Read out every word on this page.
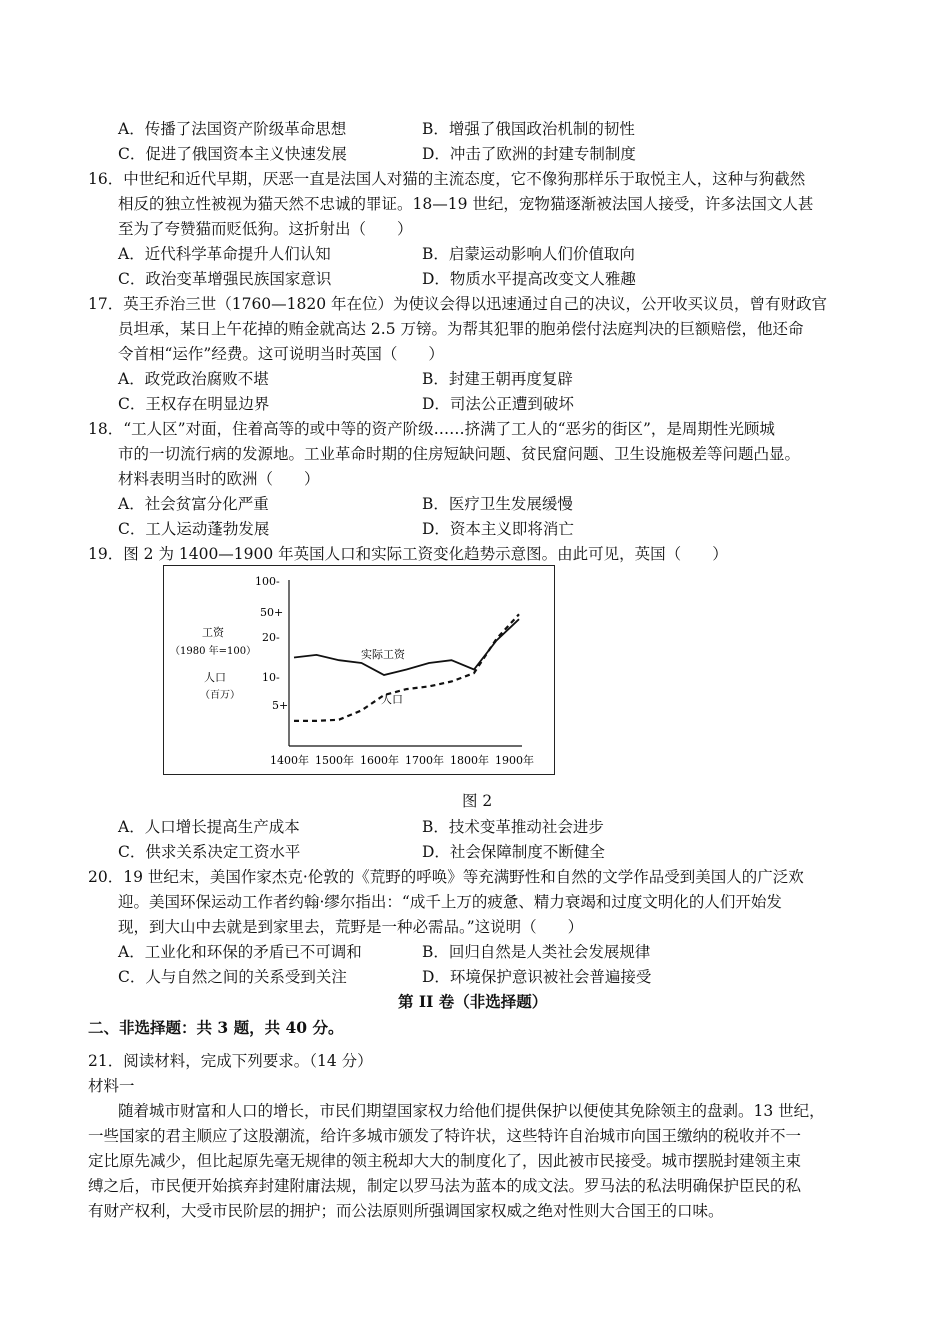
A．传播了法国资产阶级革命思想	B．增强了俄国政治机制的韧性
C．促进了俄国资本主义快速发展	D．冲击了欧洲的封建专制制度
16．中世纪和近代早期，厌恶一直是法国人对猫的主流态度，它不像狗那样乐于取悦主人，这种与狗截然
相反的独立性被视为猫天然不忠诚的罪证。18—19 世纪，宠物猫逐渐被法国人接受，许多法国文人甚
至为了夸赞猫而贬低狗。这折射出（　　）
A．近代科学革命提升人们认知	B．启蒙运动影响人们价值取向
C．政治变革增强民族国家意识	D．物质水平提高改变文人雅趣
17．英王乔治三世（1760—1820 年在位）为使议会得以迅速通过自己的决议，公开收买议员，曾有财政官
员坦承，某日上午花掉的贿金就高达 2.5 万镑。为帮其犯罪的胞弟偿付法庭判决的巨额赔偿，他还命
令首相“运作”经费。这可说明当时英国（　　）
A．政党政治腐败不堪	B．封建王朝再度复辟
C．王权存在明显边界	D．司法公正遭到破坏
18．“工人区”对面，住着高等的或中等的资产阶级……挤满了工人的“恶劣的街区”，是周期性光顾城
市的一切流行病的发源地。工业革命时期的住房短缺问题、贫民窟问题、卫生设施极差等问题凸显。
材料表明当时的欧洲（　　）
A．社会贫富分化严重	B．医疗卫生发展缓慢
C．工人运动蓬勃发展	D．资本主义即将消亡
19．图 2 为 1400—1900 年英国人口和实际工资变化趋势示意图。由此可见，英国（　　）
100-
50+
20-
10-
5+
工资
（1980 年=100）
人口
（百万）
1400年 1500年 1600年 1700年 1800年 1900年
实际工资
人口
图 2
A．人口增长提高生产成本	B．技术变革推动社会进步
C．供求关系决定工资水平	D．社会保障制度不断健全
20．19 世纪末，美国作家杰克·伦敦的《荒野的呼唤》等充满野性和自然的文学作品受到美国人的广泛欢
迎。美国环保运动工作者约翰·缪尔指出：“成千上万的疲惫、精力衰竭和过度文明化的人们开始发
现，到大山中去就是到家里去，荒野是一种必需品。”这说明（　　）
A．工业化和环保的矛盾已不可调和	B．回归自然是人类社会发展规律
C．人与自然之间的关系受到关注	D．环境保护意识被社会普遍接受
第 II 卷（非选择题）
二、非选择题：共 3 题，共 40 分。
21．阅读材料，完成下列要求。（14 分）
材料一
随着城市财富和人口的增长，市民们期望国家权力给他们提供保护以便使其免除领主的盘剥。13 世纪，
一些国家的君主顺应了这股潮流，给许多城市颁发了特许状，这些特许自治城市向国王缴纳的税收并不一
定比原先减少，但比起原先毫无规律的领主税却大大的制度化了，因此被市民接受。城市摆脱封建领主束
缚之后，市民便开始摈弃封建附庸法规，制定以罗马法为蓝本的成文法。罗马法的私法明确保护臣民的私
有财产权利，大受市民阶层的拥护；而公法原则所强调国家权威之绝对性则大合国王的口味。
